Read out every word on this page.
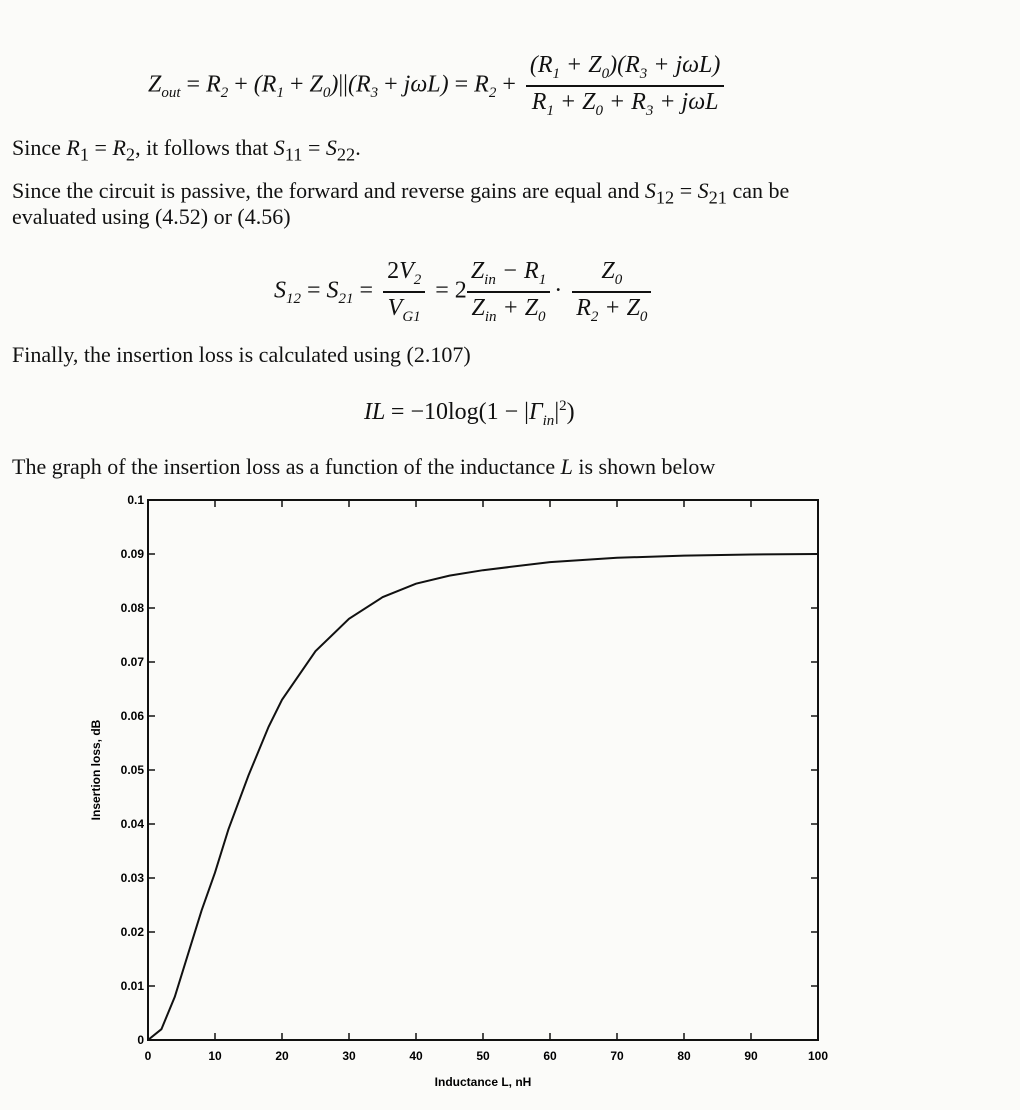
$Z_{out} = R_2 + (R_1 + Z_0)||(R_3 + j\omega L) = R_2 + \frac{(R_1 + Z_0)(R_3 + j\omega L)}{R_1 + Z_0 + R_3 + j\omega L}$
Since $R_1 = R_2$, it follows that $S_{11} = S_{22}$.
Since the circuit is passive, the forward and reverse gains are equal and $S_{12} = S_{21}$ can be
evaluated using (4.52) or (4.56)
$S_{12} = S_{21} = \frac{2V_2}{V_{G1}} = 2 \frac{Z_{in} - R_1}{Z_{in} + Z_0} \cdot \frac{Z_0}{R_2 + Z_0}$
Finally, the insertion loss is calculated using (2.107)
IL = $-10\log(1 - |\Gamma_{in}|^2)$
The graph of the insertion loss as a function of the inductance L is shown below
0	10	20	30	40	50	60	70	80	90	100
0
0.01
0.02
0.03
0.04
0.05
0.06
0.07
0.08
0.09
0.1
Inductance L, nH
Insertion loss, dB
